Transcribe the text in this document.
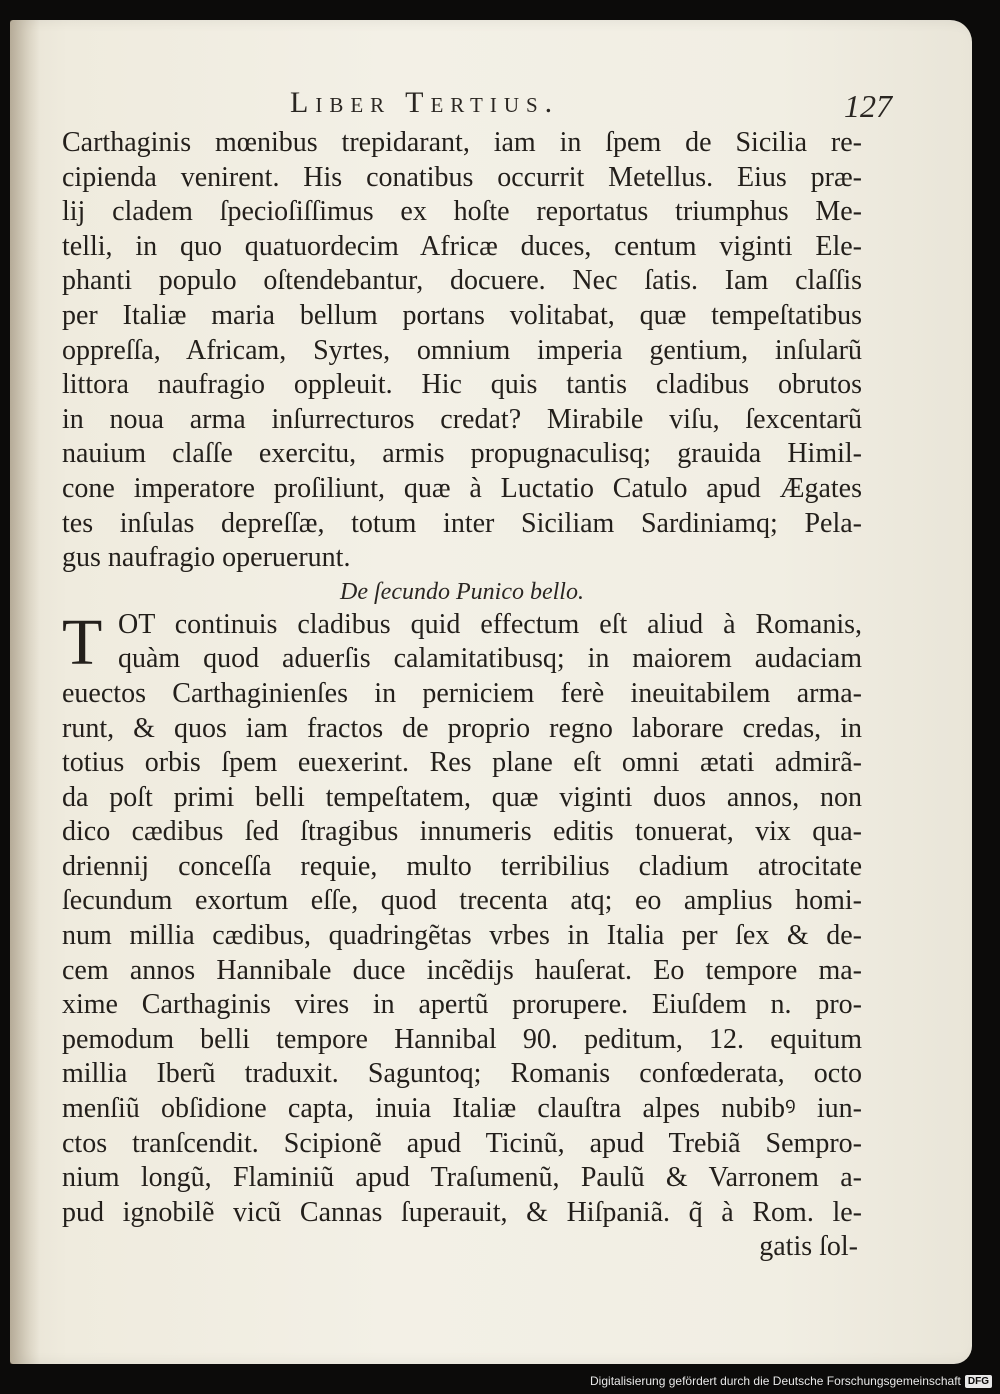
Liber Tertius.	127
Carthaginis mœnibus trepidarant, iam in ſpem de Sicilia re-
cipienda venirent. His conatibus occurrit Metellus. Eius præ-
lij cladem ſpecioſiſſimus ex hoſte reportatus triumphus Me-
telli, in quo quatuordecim Africæ duces, centum viginti Ele-
phanti populo oſtendebantur, docuere. Nec ſatis. Iam claſſis
per Italiæ maria bellum portans volitabat, quæ tempeſtatibus
oppreſſa, Africam, Syrtes, omnium imperia gentium, inſularũ
littora naufragio oppleuit. Hic quis tantis cladibus obrutos
in noua arma inſurrecturos credat? Mirabile viſu, ſexcentarũ
nauium claſſe exercitu, armis propugnaculisq; grauida Himil-
cone imperatore proſiliunt, quæ à Luctatio Catulo apud Ægates
tes inſulas depreſſæ, totum inter Siciliam Sardiniamq; Pela-
gus naufragio operuerunt.
De ſecundo Punico bello.
T OT continuis cladibus quid effectum eſt aliud à Romanis,
quàm quod aduerſis calamitatibusq; in maiorem audaciam
euectos Carthaginienſes in perniciem ferè ineuitabilem arma-
runt, & quos iam fractos de proprio regno laborare credas, in
totius orbis ſpem euexerint. Res plane eſt omni ætati admirã-
da poſt primi belli tempeſtatem, quæ viginti duos annos, non
dico cædibus ſed ſtragibus innumeris editis tonuerat, vix qua-
driennij conceſſa requie, multo terribilius cladium atrocitate
ſecundum exortum eſſe, quod trecenta atq; eo amplius homi-
num millia cædibus, quadringẽtas vrbes in Italia per ſex & de-
cem annos Hannibale duce incẽdijs hauſerat. Eo tempore ma-
xime Carthaginis vires in apertũ prorupere. Eiuſdem n. pro-
pemodum belli tempore Hannibal 90. peditum, 12. equitum
millia Iberũ traduxit. Saguntoq; Romanis confœderata, octo
menſiũ obſidione capta, inuia Italiæ clauſtra alpes nubibꝰ iun-
ctos tranſcendit. Scipionẽ apud Ticinũ, apud Trebiã Sempro-
nium longũ, Flaminiũ apud Traſumenũ, Paulũ & Varronem a-
pud ignobilẽ vicũ Cannas ſuperauit, & Hiſpaniã. q̃ à Rom. le-
gatis ſol-
Digitalisierung gefördert durch die Deutsche Forschungsgemeinschaft DFG
